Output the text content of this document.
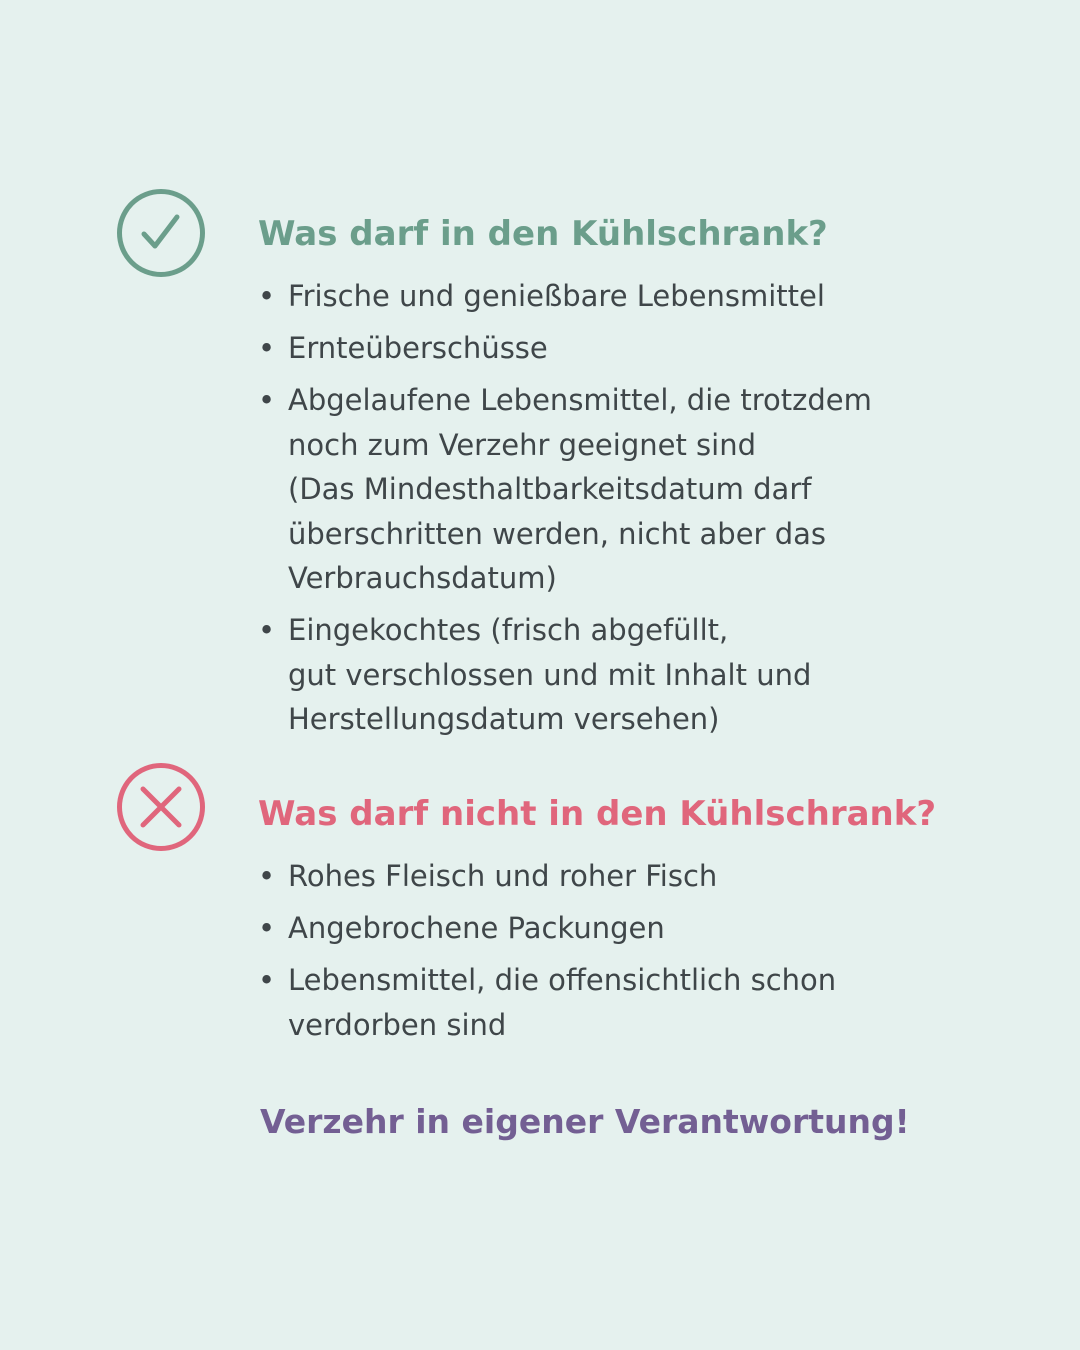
Was darf in den Kühlschrank?
• Frische und genießbare Lebensmittel
• Ernteüberschüsse
• Abgelaufene Lebensmittel, die trotzdem
noch zum Verzehr geeignet sind
(Das Mindesthaltbarkeitsdatum darf
überschritten werden, nicht aber das
Verbrauchsdatum)
• Eingekochtes (frisch abgefüllt,
gut verschlossen und mit Inhalt und
Herstellungsdatum versehen)
Was darf nicht in den Kühlschrank?
• Rohes Fleisch und roher Fisch
• Angebrochene Packungen
• Lebensmittel, die offensichtlich schon
verdorben sind

Verzehr in eigener Verantwortung!
